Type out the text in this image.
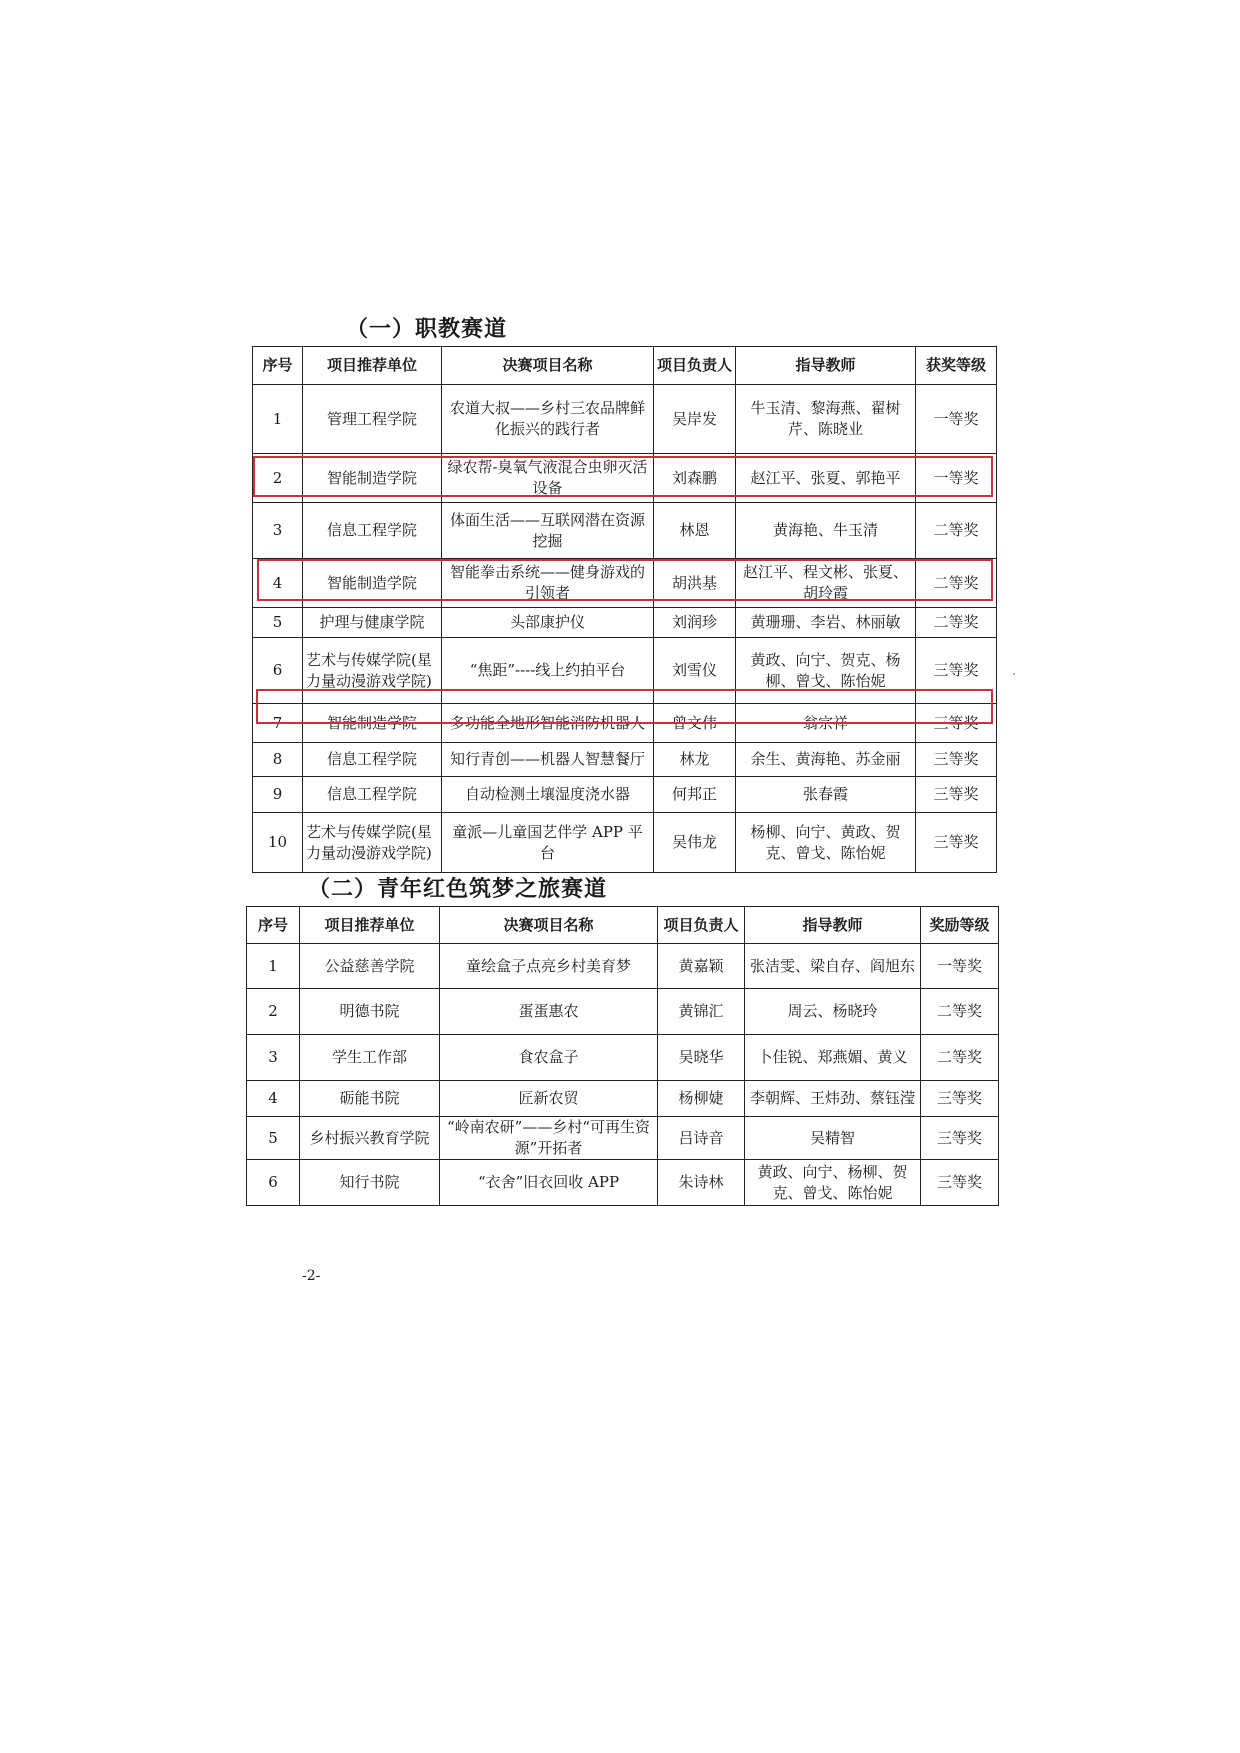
（一）职教赛道
序号	项目推荐单位	决赛项目名称	项目负责人	指导教师	获奖等级
1	管理工程学院	农道大叔——乡村三农品牌鲜化振兴的践行者	吴岸发	牛玉清、黎海燕、翟树芹、陈晓业	一等奖
2	智能制造学院	绿农帮-臭氧气液混合虫卵灭活设备	刘森鹏	赵江平、张夏、郭艳平	一等奖
3	信息工程学院	体面生活——互联网潜在资源挖掘	林恩	黄海艳、牛玉清	二等奖
4	智能制造学院	智能拳击系统——健身游戏的引领者	胡洪基	赵江平、程文彬、张夏、胡玲霞	二等奖
5	护理与健康学院	头部康护仪	刘润珍	黄珊珊、李岩、林丽敏	二等奖
6	艺术与传媒学院(星力量动漫游戏学院)	“焦距”----线上约拍平台	刘雪仪	黄政、向宁、贺克、杨柳、曾戈、陈怡妮	三等奖
7	智能制造学院	多功能全地形智能消防机器人	曾文伟	翁宗祥	三等奖
8	信息工程学院	知行青创——机器人智慧餐厅	林龙	余生、黄海艳、苏金丽	三等奖
9	信息工程学院	自动检测土壤湿度浇水器	何邦正	张春霞	三等奖
10	艺术与传媒学院(星力量动漫游戏学院)	童派—儿童国艺伴学 APP 平台	吴伟龙	杨柳、向宁、黄政、贺克、曾戈、陈怡妮	三等奖
（二）青年红色筑梦之旅赛道
序号	项目推荐单位	决赛项目名称	项目负责人	指导教师	奖励等级
1	公益慈善学院	童绘盒子点亮乡村美育梦	黄嘉颖	张洁雯、梁自存、阎旭东	一等奖
2	明德书院	蛋蛋惠农	黄锦汇	周云、杨晓玲	二等奖
3	学生工作部	食农盒子	吴晓华	卜佳锐、郑燕媚、黄义	二等奖
4	砺能书院	匠新农贸	杨柳婕	李朝辉、王炜劲、蔡钰滢	三等奖
5	乡村振兴教育学院	“岭南农研”——乡村“可再生资源”开拓者	吕诗音	吴精智	三等奖
6	知行书院	“衣舍”旧衣回收 APP	朱诗林	黄政、向宁、杨柳、贺克、曾戈、陈怡妮	三等奖
-2-
